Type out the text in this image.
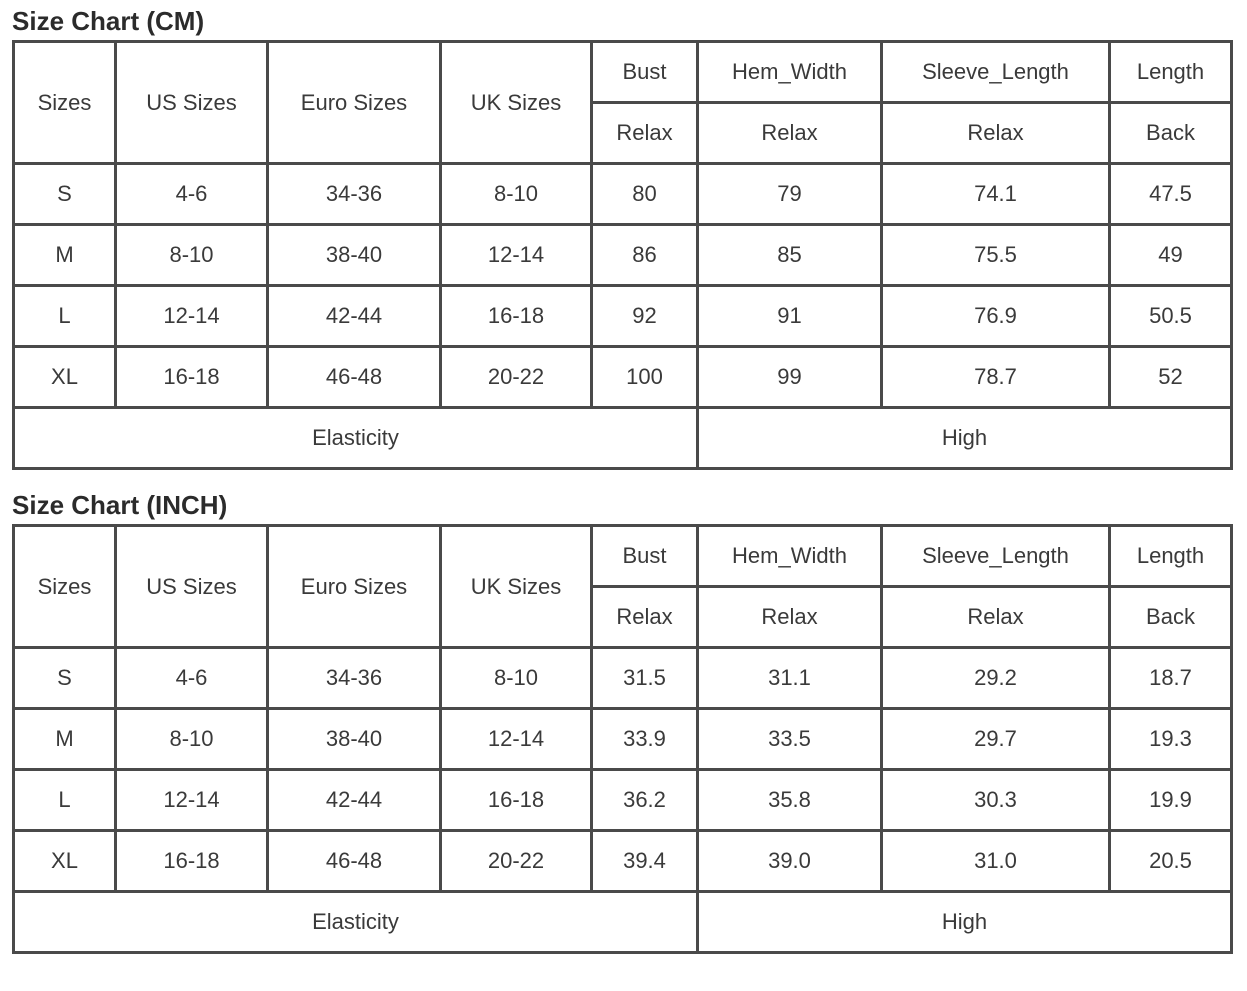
Size Chart (CM)
Sizes	US Sizes	Euro Sizes	UK Sizes	Bust	Hem_Width	Sleeve_Length	Length
				Relax	Relax	Relax	Back
S	4-6	34-36	8-10	80	79	74.1	47.5
M	8-10	38-40	12-14	86	85	75.5	49
L	12-14	42-44	16-18	92	91	76.9	50.5
XL	16-18	46-48	20-22	100	99	78.7	52
Elasticity					High		
Size Chart (INCH)
Sizes	US Sizes	Euro Sizes	UK Sizes	Bust	Hem_Width	Sleeve_Length	Length
				Relax	Relax	Relax	Back
S	4-6	34-36	8-10	31.5	31.1	29.2	18.7
M	8-10	38-40	12-14	33.9	33.5	29.7	19.3
L	12-14	42-44	16-18	36.2	35.8	30.3	19.9
XL	16-18	46-48	20-22	39.4	39.0	31.0	20.5
Elasticity					High		
